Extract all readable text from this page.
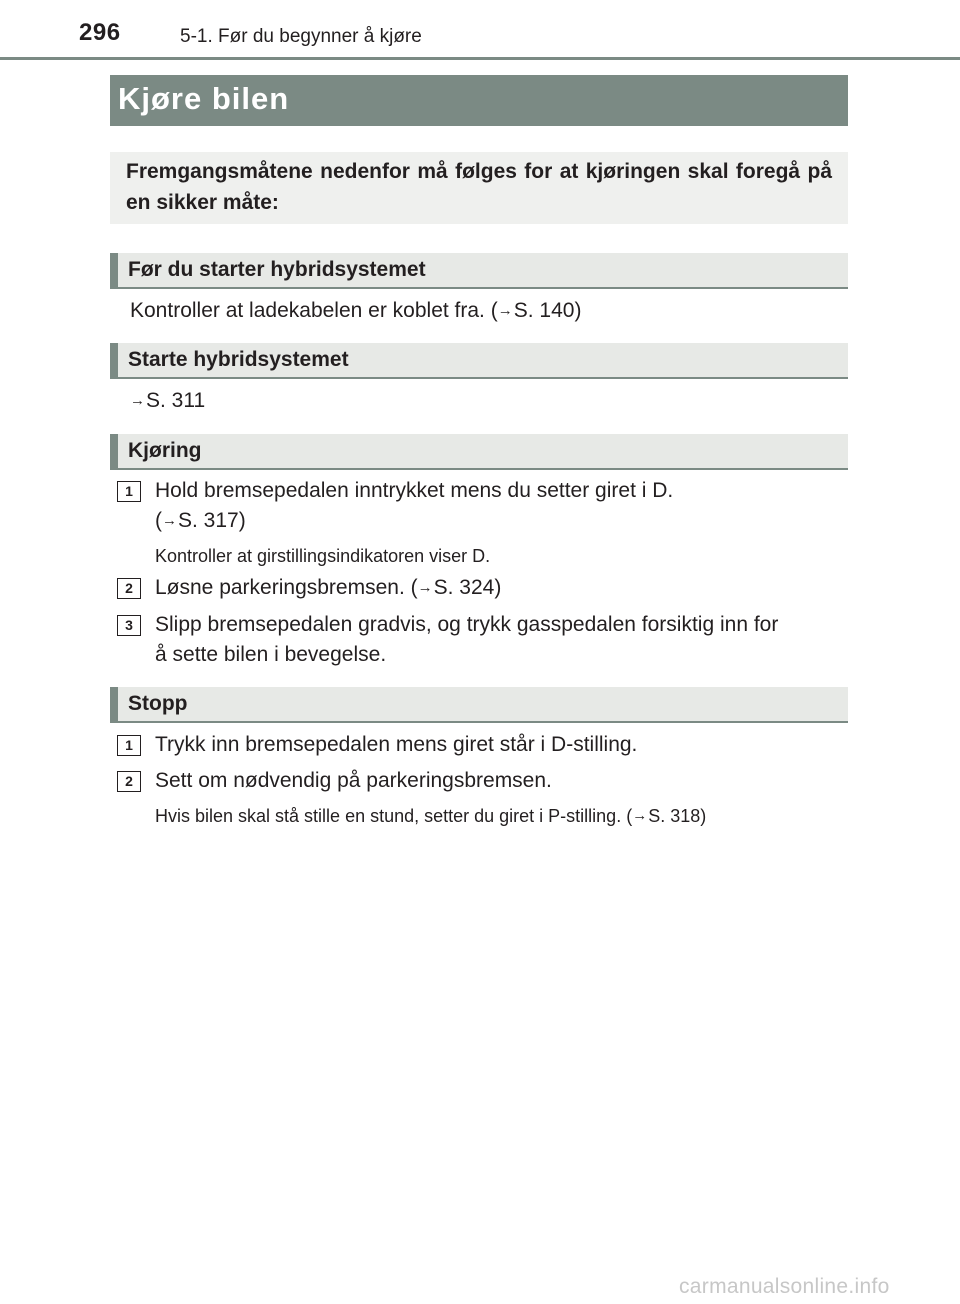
296	5-1. Før du begynner å kjøre
Kjøre bilen

Fremgangsmåtene nedenfor må følges for at kjøringen skal foregå på en sikker måte:

Før du starter hybridsystemet

Kontroller at ladekabelen er koblet fra. (→S. 140)

Starte hybridsystemet

→S. 311

Kjøring
1	Hold bremsepedalen inntrykket mens du setter giret i D.
(→S. 317)

Kontroller at girstillingsindikatoren viser D.

2	Løsne parkeringsbremsen. (→S. 324)

3	Slipp bremsepedalen gradvis, og trykk gasspedalen forsiktig inn for
å sette bilen i bevegelse.

Stopp
1	Trykk inn bremsepedalen mens giret står i D-stilling.

2	Sett om nødvendig på parkeringsbremsen.

Hvis bilen skal stå stille en stund, setter du giret i P-stilling. (→S. 318)

carmanualsonline.info
